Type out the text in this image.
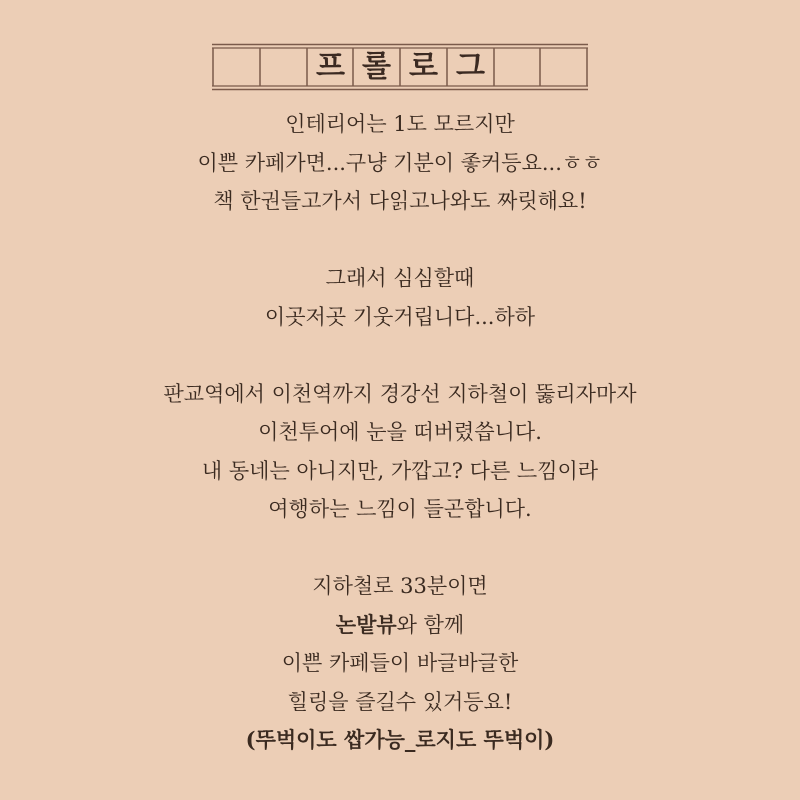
프 롤 로 그
인테리어는 1도 모르지만
이쁜 카페가면...구냥 기분이 좋커등요...ㅎㅎ
책 한권들고가서 다읽고나와도 짜릿해요!
그래서 심심할때
이곳저곳 기웃거립니다...하하
판교역에서 이천역까지 경강선 지하철이 뚫리자마자
이천투어에 눈을 떠버렸씁니다.
내 동네는 아니지만, 가깝고? 다른 느낌이라
여행하는 느낌이 들곤합니다.
지하철로 33분이면
논밭뷰와 함께
이쁜 카페들이 바글바글한
힐링을 즐길수 있거등요!
(뚜벅이도 쌉가능_로지도 뚜벅이)
